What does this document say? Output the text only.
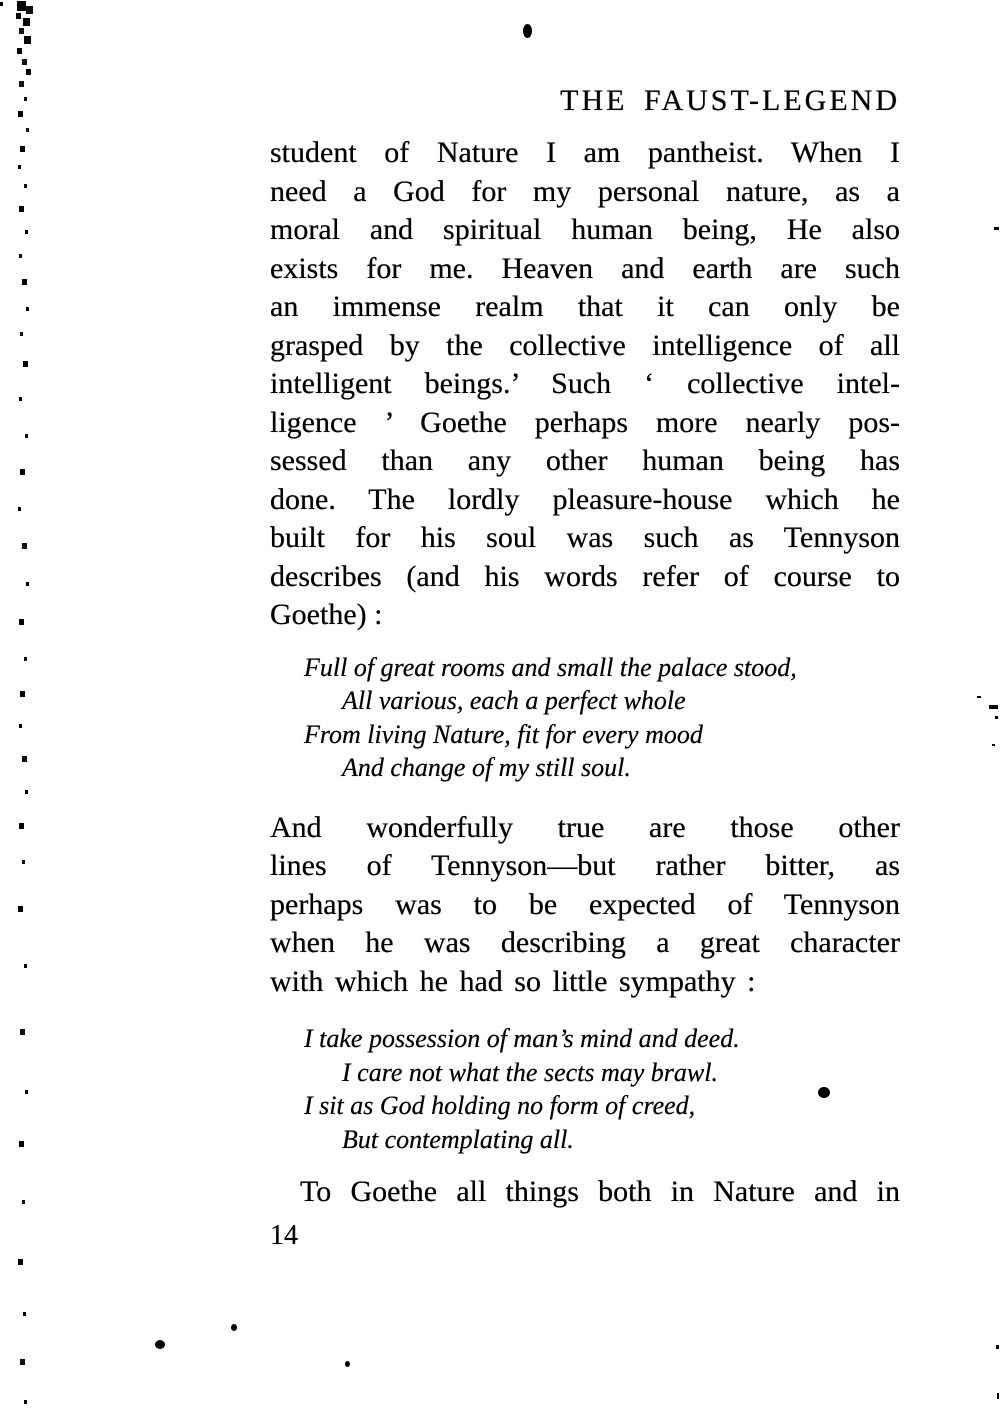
THE FAUST-LEGEND
student of Nature I am pantheist. When I
need a God for my personal nature, as a
moral and spiritual human being, He also
exists for me. Heaven and earth are such
an immense realm that it can only be
grasped by the collective intelligence of all
intelligent beings.’ Such ‘ collective intel-
ligence ’ Goethe perhaps more nearly pos-
sessed than any other human being has
done. The lordly pleasure-house which he
built for his soul was such as Tennyson
describes (and his words refer of course to
Goethe) :
Full of great rooms and small the palace stood,
All various, each a perfect whole
From living Nature, fit for every mood
And change of my still soul.
And wonderfully true are those other
lines of Tennyson—but rather bitter, as
perhaps was to be expected of Tennyson
when he was describing a great character
with which he had so little sympathy :
I take possession of man’s mind and deed.
I care not what the sects may brawl.
I sit as God holding no form of creed,
But contemplating all.
To Goethe all things both in Nature and in
14
